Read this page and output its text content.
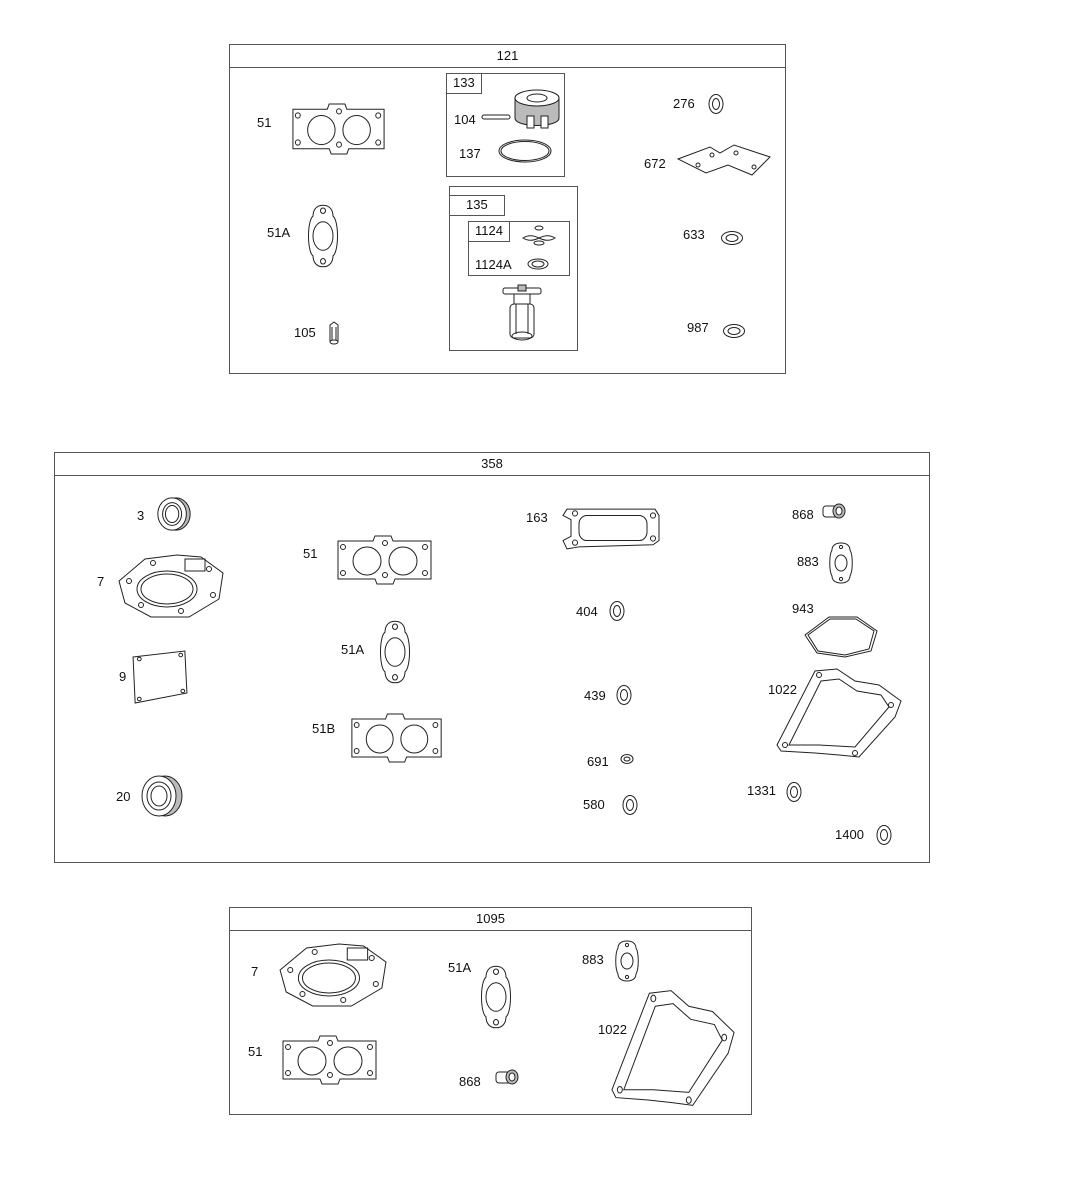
121
51
51A
105
133
104
137
135
1124
1124A
276
672
633
987
358
3
7
9
20
51
51A
51B
163
404
439
691
580
868
883
943
1022
1331
1400
1095
7
51
51A
868
883
1022
